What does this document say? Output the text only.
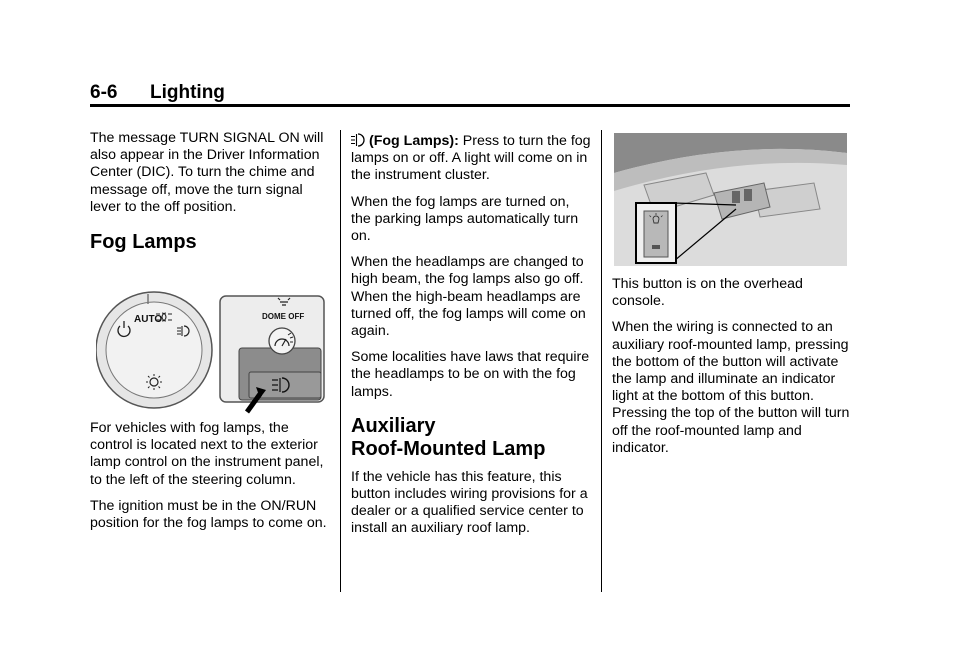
6-6 Lighting

The message TURN SIGNAL ON will also appear in the Driver Information Center (DIC). To turn the chime and message off, move the turn signal lever to the off position.

Fog Lamps

For vehicles with fog lamps, the control is located next to the exterior lamp control on the instrument panel, to the left of the steering column.

The ignition must be in the ON/RUN position for the fog lamps to come on.

DOME OFF
AUTO

(Fog Lamps): Press to turn the fog lamps on or off. A light will come on in the instrument cluster.

When the fog lamps are turned on, the parking lamps automatically turn on.

When the headlamps are changed to high beam, the fog lamps also go off. When the high-beam headlamps are turned off, the fog lamps will come on again.

Some localities have laws that require the headlamps to be on with the fog lamps.

Auxiliary
Roof-Mounted Lamp

If the vehicle has this feature, this button includes wiring provisions for a dealer or a qualified service center to install an auxiliary roof lamp.

This button is on the overhead console.

When the wiring is connected to an auxiliary roof-mounted lamp, pressing the bottom of the button will activate the lamp and illuminate an indicator light at the bottom of this button. Pressing the top of the button will turn off the roof-mounted lamp and indicator.
